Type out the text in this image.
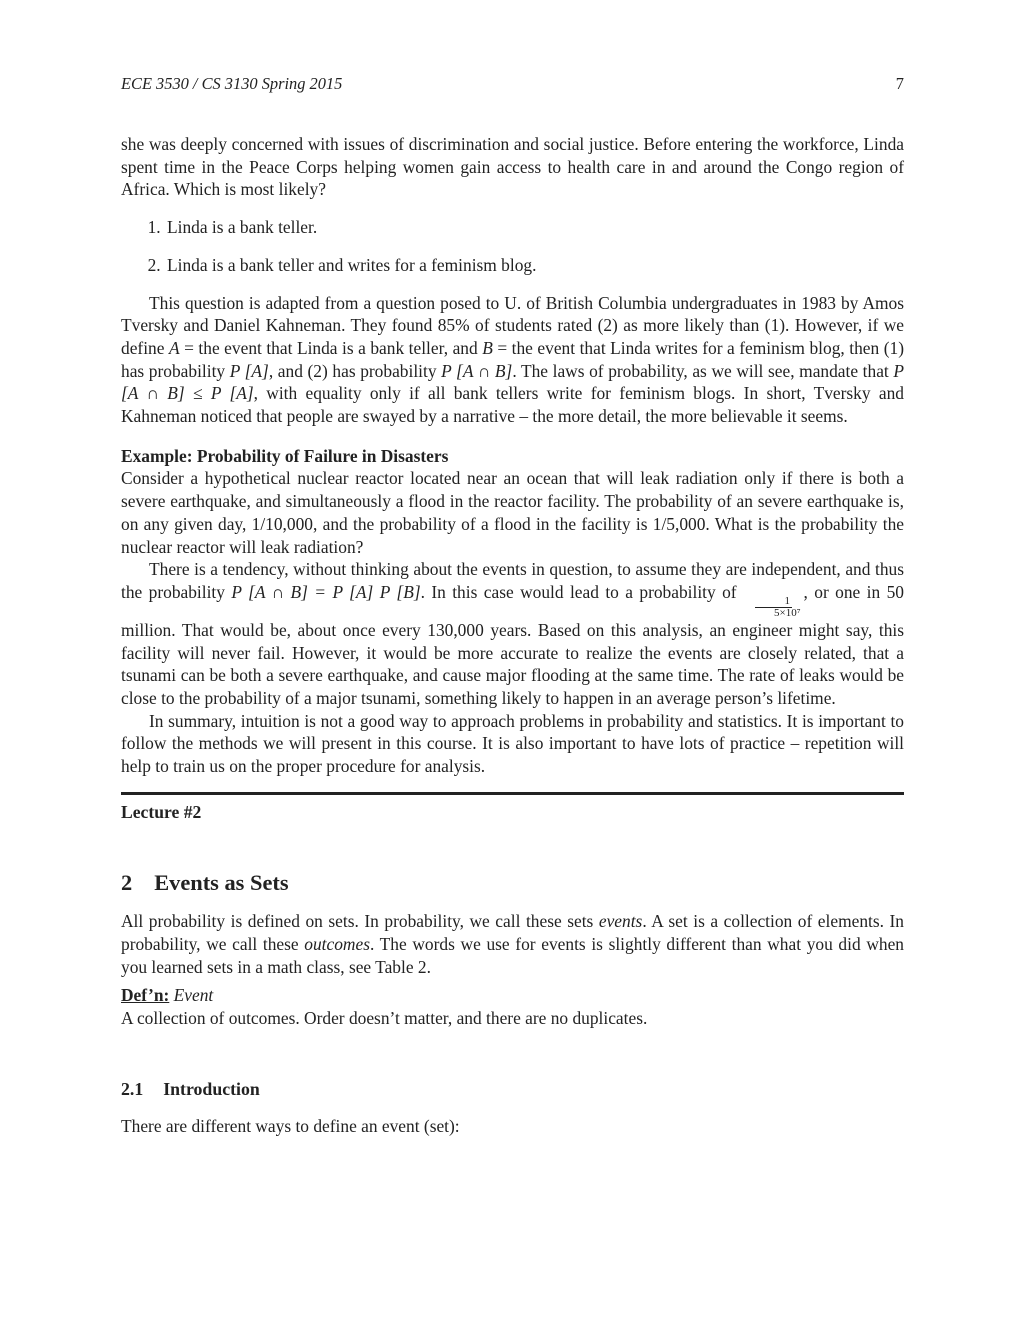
ECE 3530 / CS 3130 Spring 2015	7

she was deeply concerned with issues of discrimination and social justice. Before entering the workforce, Linda spent time in the Peace Corps helping women gain access to health care in and around the Congo region of Africa. Which is most likely?

1. Linda is a bank teller.
2. Linda is a bank teller and writes for a feminism blog.

This question is adapted from a question posed to U. of British Columbia undergraduates in 1983 by Amos Tversky and Daniel Kahneman. They found 85% of students rated (2) as more likely than (1). However, if we define A = the event that Linda is a bank teller, and B = the event that Linda writes for a feminism blog, then (1) has probability P [A], and (2) has probability P [A ∩ B]. The laws of probability, as we will see, mandate that P [A ∩ B] ≤ P [A], with equality only if all bank tellers write for feminism blogs. In short, Tversky and Kahneman noticed that people are swayed by a narrative – the more detail, the more believable it seems.

Example: Probability of Failure in Disasters

Consider a hypothetical nuclear reactor located near an ocean that will leak radiation only if there is both a severe earthquake, and simultaneously a flood in the reactor facility. The probability of an severe earthquake is, on any given day, 1/10,000, and the probability of a flood in the facility is 1/5,000. What is the probability the nuclear reactor will leak radiation?

There is a tendency, without thinking about the events in question, to assume they are independent, and thus the probability P [A ∩ B] = P [A] P [B]. In this case would lead to a probability of
$\frac{1}{\text{5×10⁷}}$
, or one in 50 million. That would be, about once every 130,000 years. Based on this analysis, an engineer might say, this facility will never fail. However, it would be more accurate to realize the events are closely related, that a tsunami can be both a severe earthquake, and cause major flooding at the same time. The rate of leaks would be close to the probability of a major tsunami, something likely to happen in an average person’s lifetime.

In summary, intuition is not a good way to approach problems in probability and statistics. It is important to follow the methods we will present in this course. It is also important to have lots of practice – repetition will help to train us on the proper procedure for analysis.

Lecture #2
2 Events as Sets

All probability is defined on sets. In probability, we call these sets events. A set is a collection of elements. In probability, we call these outcomes. The words we use for events is slightly different than what you did when you learned sets in a math class, see Table 2.

Def’n: Event

A collection of outcomes. Order doesn’t matter, and there are no duplicates.

2.1 Introduction

There are different ways to define an event (set):
